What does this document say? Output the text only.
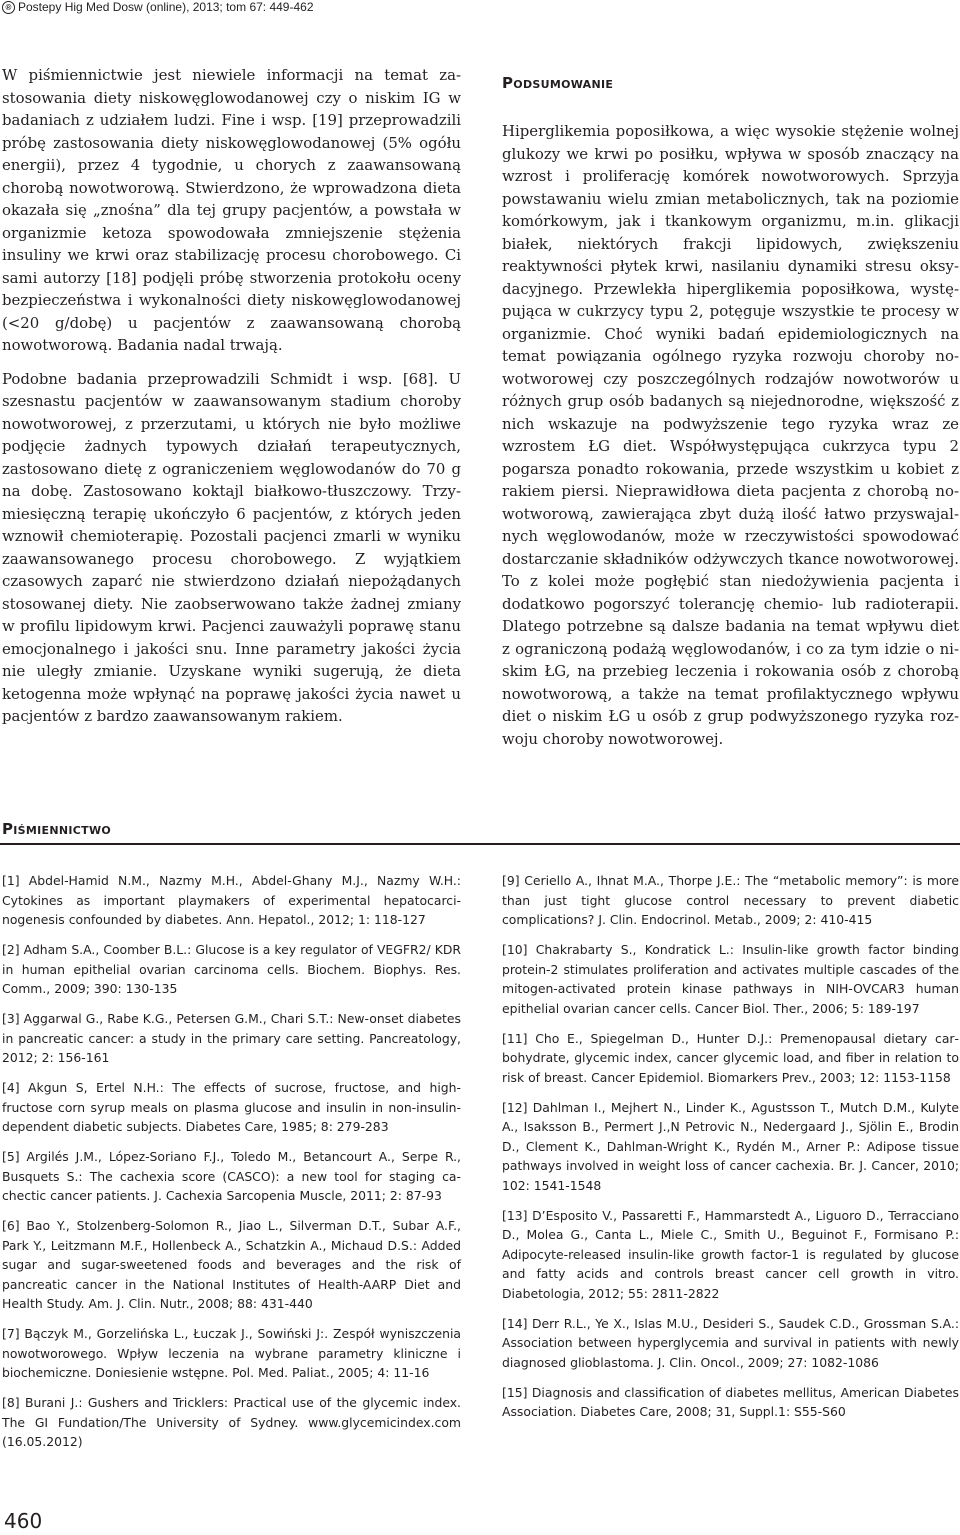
® Postepy Hig Med Dosw (online), 2013; tom 67: 449-462

W piśmiennictwie jest niewiele informacji na temat zastosowania diety niskowęglowodanowej czy o niskim IG w badaniach z udziałem ludzi. Fine i wsp. [19] przeprowadzili próbę zastosowania diety niskowęglowodanowej (5% ogółu energii), przez 4 tygodnie, u chorych z zaawansowaną chorobą nowotworową. Stwierdzono, że wprowadzona dieta okazała się „znośna” dla tej grupy pacjentów, a powstała w organizmie ketoza spowodowała zmniejszenie stężenia insuliny we krwi oraz stabilizację procesu chorobowego. Ci sami autorzy [18] podjęli próbę stworzenia protokołu oceny bezpieczeństwa i wykonalności diety niskowęglowodanowej (<20 g/dobę) u pacjentów z zaawansowaną chorobą nowotworową. Badania nadal trwają.

Podobne badania przeprowadzili Schmidt i wsp. [68]. U szesnastu pacjentów w zaawansowanym stadium choroby nowotworowej, z przerzutami, u których nie było możliwe podjęcie żadnych typowych działań terapeutycznych, zastosowano dietę z ograniczeniem węglowodanów do 70 g na dobę. Zastosowano koktajl białkowo-tłuszczowy. Trzymiesięczną terapię ukończyło 6 pacjentów, z których jeden wznowił chemioterapię. Pozostali pacjenci zmarli w wyniku zaawansowanego procesu chorobowego. Z wyjątkiem czasowych zaparć nie stwierdzono działań niepożądanych stosowanej diety. Nie zaobserwowano także żadnej zmiany w profilu lipidowym krwi. Pacjenci zauważyli poprawę stanu emocjonalnego i jakości snu. Inne parametry jakości życia nie uległy zmianie. Uzyskane wyniki sugerują, że dieta ketogenna może wpłynąć na poprawę jakości życia nawet u pacjentów z bardzo zaawansowanym rakiem.

Podsumowanie

Hiperglikemia poposiłkowa, a więc wysokie stężenie wolnej glukozy we krwi po posiłku, wpływa w sposób znaczący na wzrost i proliferację komórek nowotworowych. Sprzyja powstawaniu wielu zmian metabolicznych, tak na poziomie komórkowym, jak i tkankowym organizmu, m.in. glikacji białek, niektórych frakcji lipidowych, zwiększeniu reaktywności płytek krwi, nasilaniu dynamiki stresu oksydacyjnego. Przewlekła hiperglikemia poposiłkowa, występująca w cukrzycy typu 2, potęguje wszystkie te procesy w organizmie. Choć wyniki badań epidemiologicznych na temat powiązania ogólnego ryzyka rozwoju choroby nowotworowej czy poszczególnych rodzajów nowotworów u różnych grup osób badanych są niejednorodne, większość z nich wskazuje na podwyższenie tego ryzyka wraz ze wzrostem ŁG diet. Współwystępująca cukrzyca typu 2 pogarsza ponadto rokowania, przede wszystkim u kobiet z rakiem piersi. Nieprawidłowa dieta pacjenta z chorobą nowotworową, zawierająca zbyt dużą ilość łatwo przyswajalnych węglowodanów, może w rzeczywistości spowodować dostarczanie składników odżywczych tkance nowotworowej. To z kolei może pogłębić stan niedożywienia pacjenta i dodatkowo pogorszyć tolerancję chemio- lub radioterapii. Dlatego potrzebne są dalsze badania na temat wpływu diet z ograniczoną podażą węglowodanów, i co za tym idzie o niskim ŁG, na przebieg leczenia i rokowania osób z chorobą nowotworową, a także na temat profilaktycznego wpływu diet o niskim ŁG u osób z grup podwyższonego ryzyka rozwoju choroby nowotworowej.

Piśmiennictwo

[1] Abdel-Hamid N.M., Nazmy M.H., Abdel-Ghany M.J., Nazmy W.H.: Cytokines as important playmakers of experimental hepatocarcinogenesis confounded by diabetes. Ann. Hepatol., 2012; 1: 118-127

[2] Adham S.A., Coomber B.L.: Glucose is a key regulator of VEGFR2/ KDR in human epithelial ovarian carcinoma cells. Biochem. Biophys. Res. Comm., 2009; 390: 130-135

[3] Aggarwal G., Rabe K.G., Petersen G.M., Chari S.T.: New-onset diabetes in pancreatic cancer: a study in the primary care setting. Pancreatology, 2012; 2: 156-161

[4] Akgun S, Ertel N.H.: The effects of sucrose, fructose, and high-fructose corn syrup meals on plasma glucose and insulin in non-insulin-dependent diabetic subjects. Diabetes Care, 1985; 8: 279-283

[5] Argilés J.M., López-Soriano F.J., Toledo M., Betancourt A., Serpe R., Busquets S.: The cachexia score (CASCO): a new tool for staging cachectic cancer patients. J. Cachexia Sarcopenia Muscle, 2011; 2: 87-93

[6] Bao Y., Stolzenberg-Solomon R., Jiao L., Silverman D.T., Subar A.F., Park Y., Leitzmann M.F., Hollenbeck A., Schatzkin A., Michaud D.S.: Added sugar and sugar-sweetened foods and beverages and the risk of pancreatic cancer in the National Institutes of Health-AARP Diet and Health Study. Am. J. Clin. Nutr., 2008; 88: 431-440

[7] Bączyk M., Gorzelińska L., Łuczak J., Sowiński J:. Zespół wyniszczenia nowotworowego. Wpływ leczenia na wybrane parametry kliniczne i biochemiczne. Doniesienie wstępne. Pol. Med. Paliat., 2005; 4: 11-16

[8] Burani J.: Gushers and Tricklers: Practical use of the glycemic index. The GI Fundation/The University of Sydney. www.glycemicindex.com (16.05.2012)

[9] Ceriello A., Ihnat M.A., Thorpe J.E.: The “metabolic memory”: is more than just tight glucose control necessary to prevent diabetic complications? J. Clin. Endocrinol. Metab., 2009; 2: 410-415

[10] Chakrabarty S., Kondratick L.: Insulin-like growth factor binding protein-2 stimulates proliferation and activates multiple cascades of the mitogen-activated protein kinase pathways in NIH-OVCAR3 human epithelial ovarian cancer cells. Cancer Biol. Ther., 2006; 5: 189-197

[11] Cho E., Spiegelman D., Hunter D.J.: Premenopausal dietary carbohydrate, glycemic index, cancer glycemic load, and fiber in relation to risk of breast. Cancer Epidemiol. Biomarkers Prev., 2003; 12: 1153-1158

[12] Dahlman I., Mejhert N., Linder K., Agustsson T., Mutch D.M., Kulyte A., Isaksson B., Permert J.,N Petrovic N., Nedergaard J., Sjölin E., Brodin D., Clement K., Dahlman-Wright K., Rydén M., Arner P.: Adipose tissue pathways involved in weight loss of cancer cachexia. Br. J. Cancer, 2010; 102: 1541-1548

[13] D’Esposito V., Passaretti F., Hammarstedt A., Liguoro D., Terracciano D., Molea G., Canta L., Miele C., Smith U., Beguinot F., Formisano P.: Adipocyte-released insulin-like growth factor-1 is regulated by glucose and fatty acids and controls breast cancer cell growth in vitro. Diabetologia, 2012; 55: 2811-2822

[14] Derr R.L., Ye X., Islas M.U., Desideri S., Saudek C.D., Grossman S.A.: Association between hyperglycemia and survival in patients with newly diagnosed glioblastoma. J. Clin. Oncol., 2009; 27: 1082-1086

[15] Diagnosis and classification of diabetes mellitus, American Diabetes Association. Diabetes Care, 2008; 31, Suppl.1: S55-S60

460
